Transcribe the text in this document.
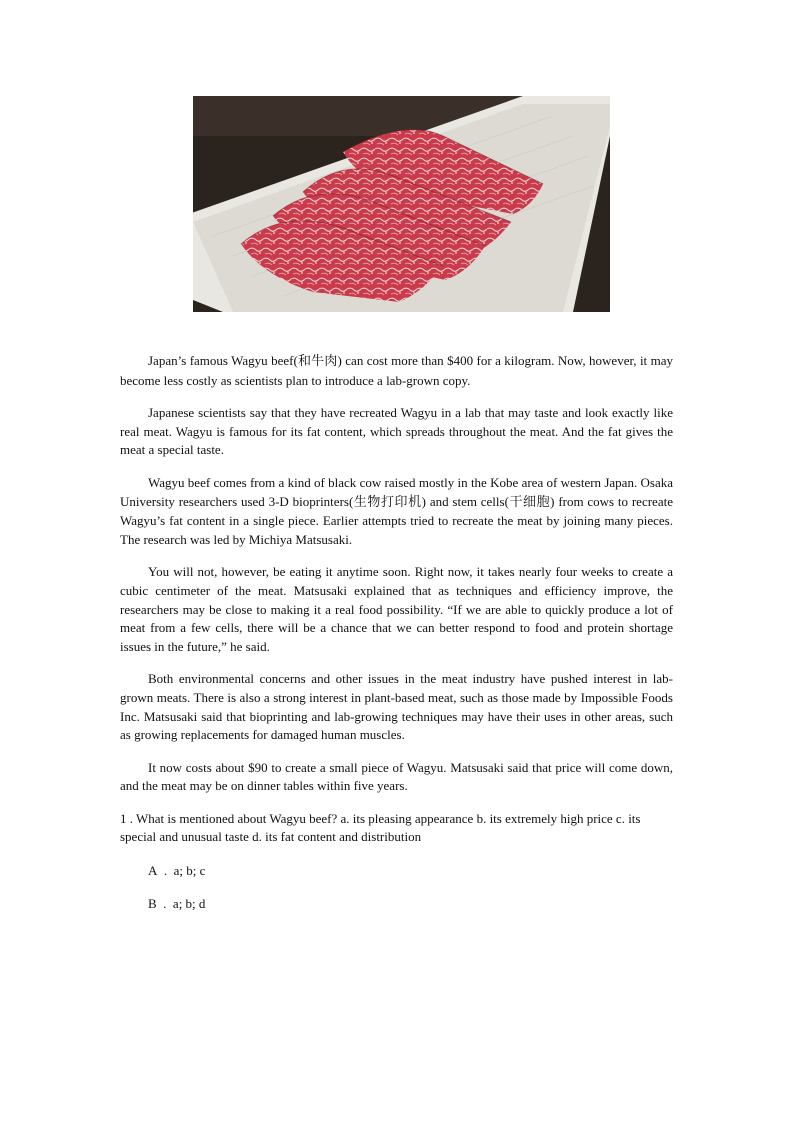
Japan’s famous Wagyu beef(和牛肉) can cost more than $400 for a kilogram. Now, however, it may become less costly as scientists plan to introduce a lab-grown copy.

Japanese scientists say that they have recreated Wagyu in a lab that may taste and look exactly like real meat. Wagyu is famous for its fat content, which spreads throughout the meat. And the fat gives the meat a special taste.

Wagyu beef comes from a kind of black cow raised mostly in the Kobe area of western Japan. Osaka University researchers used 3-D bioprinters(生物打印机) and stem cells(干细胞) from cows to recreate Wagyu’s fat content in a single piece. Earlier attempts tried to recreate the meat by joining many pieces. The research was led by Michiya Matsusaki.

You will not, however, be eating it anytime soon. Right now, it takes nearly four weeks to create a cubic centimeter of the meat. Matsusaki explained that as techniques and efficiency improve, the researchers may be close to making it a real food possibility. “If we are able to quickly produce a lot of meat from a few cells, there will be a chance that we can better respond to food and protein shortage issues in the future,” he said.

Both environmental concerns and other issues in the meat industry have pushed interest in lab-grown meats. There is also a strong interest in plant-based meat, such as those made by Impossible Foods Inc. Matsusaki said that bioprinting and lab-growing techniques may have their uses in other areas, such as growing replacements for damaged human muscles.

It now costs about $90 to create a small piece of Wagyu. Matsusaki said that price will come down, and the meat may be on dinner tables within five years.

1 . What is mentioned about Wagyu beef? a. its pleasing appearance b. its extremely high price c. its special and unusual taste d. its fat content and distribution

A  .  a; b; c

B  .  a; b; d
